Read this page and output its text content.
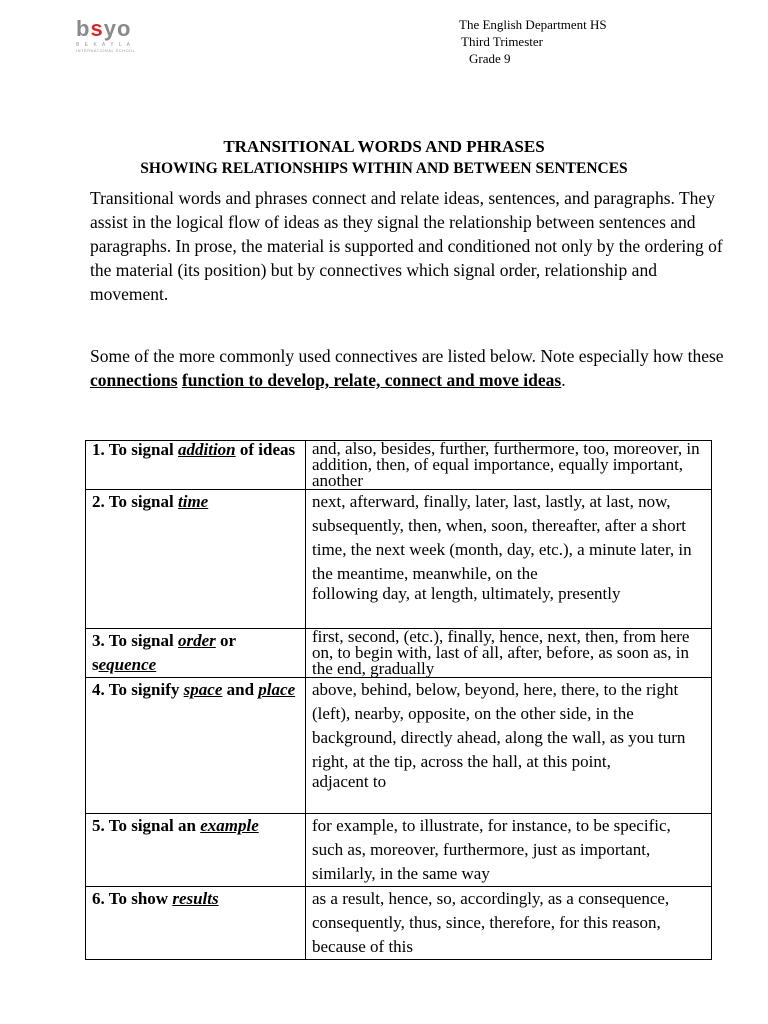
bsyo
B E K A Y L A
INTERNATIONAL SCHOOL
The English Department HS
Third Trimester
Grade 9
TRANSITIONAL WORDS AND PHRASES
SHOWING RELATIONSHIPS WITHIN AND BETWEEN SENTENCES
Transitional words and phrases connect and relate ideas, sentences, and paragraphs. They assist in the logical flow of ideas as they signal the relationship between sentences and paragraphs. In prose, the material is supported and conditioned not only by the ordering of the material (its position) but by connectives which signal order, relationship and movement.
Some of the more commonly used connectives are listed below. Note especially how these connections function to develop, relate, connect and move ideas.
1. To signal addition of ideas	and, also, besides, further, furthermore, too, moreover, in addition, then, of equal importance, equally important, another
2. To signal time	next, afterward, finally, later, last, lastly, at last, now, subsequently, then, when, soon, thereafter, after a short time, the next week (month, day, etc.), a minute later, in the meantime, meanwhile, on the
following day, at length, ultimately, presently

3. To signal order or sequence	first, second, (etc.), finally, hence, next, then, from here on, to begin with, last of all, after, before, as soon as, in the end, gradually
4. To signify space and place	above, behind, below, beyond, here, there, to the right (left), nearby, opposite, on the other side, in the background, directly ahead, along the wall, as you turn right, at the tip, across the hall, at this point,
adjacent to

5. To signal an example	for example, to illustrate, for instance, to be specific, such as, moreover, furthermore, just as important, similarly, in the same way
6. To show results	as a result, hence, so, accordingly, as a consequence, consequently, thus, since, therefore, for this reason, because of this
